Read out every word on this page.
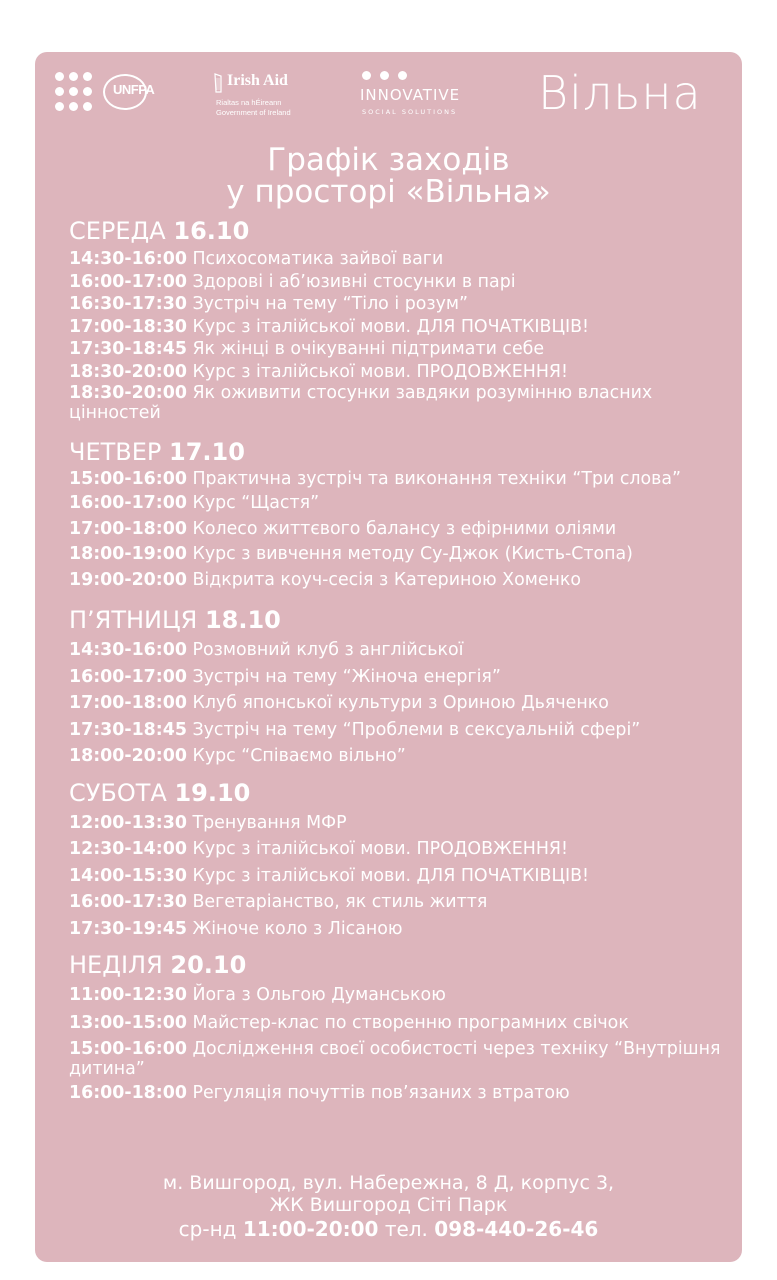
UNFPA
Irish Aid
Rialtas na hÉireann
Government of Ireland
INNOVATIVE
SOCIAL SOLUTIONS Вільна
Графік заходів
у просторі «Вільна»
СЕРЕДА 16.10
14:30-16:00 Психосоматика зайвої ваги
16:00-17:00 Здорові і аб’юзивні стосунки в парі
16:30-17:30 Зустріч на тему “Тіло і розум”
17:00-18:30 Курс з італійської мови. ДЛЯ ПОЧАТКІВЦІВ!
17:30-18:45 Як жінці в очікуванні підтримати себе
18:30-20:00 Курс з італійської мови. ПРОДОВЖЕННЯ!
18:30-20:00 Як оживити стосунки завдяки розумінню власних цінностей
ЧЕТВЕР 17.10
15:00-16:00 Практична зустріч та виконання техніки “Три слова”
16:00-17:00 Курс “Щастя”
17:00-18:00 Колесо життєвого балансу з ефірними оліями
18:00-19:00 Курс з вивчення методу Су-Джок (Кисть-Стопа)
19:00-20:00 Відкрита коуч-сесія з Катериною Хоменко
П’ЯТНИЦЯ 18.10
14:30-16:00 Розмовний клуб з англійської
16:00-17:00 Зустріч на тему “Жіноча енергія”
17:00-18:00 Клуб японської культури з Ориною Дьяченко
17:30-18:45 Зустріч на тему “Проблеми в сексуальній сфері”
18:00-20:00 Курс “Співаємо вільно”
СУБОТА 19.10
12:00-13:30 Тренування МФР
12:30-14:00 Курс з італійської мови. ПРОДОВЖЕННЯ!
14:00-15:30 Курс з італійської мови. ДЛЯ ПОЧАТКІВЦІВ!
16:00-17:30 Вегетаріанство, як стиль життя
17:30-19:45 Жіноче коло з Лісаною
НЕДІЛЯ 20.10
11:00-12:30 Йога з Ольгою Думанською
13:00-15:00 Майстер-клас по створенню програмних свічок
15:00-16:00 Дослідження своєї особистості через техніку “Внутрішня дитина”
16:00-18:00 Регуляція почуттів пов’язаних з втратою
м. Вишгород, вул. Набережна, 8 Д, корпус 3,
ЖК Вишгород Сіті Парк
ср-нд 11:00-20:00 тел. 098-440-26-46
